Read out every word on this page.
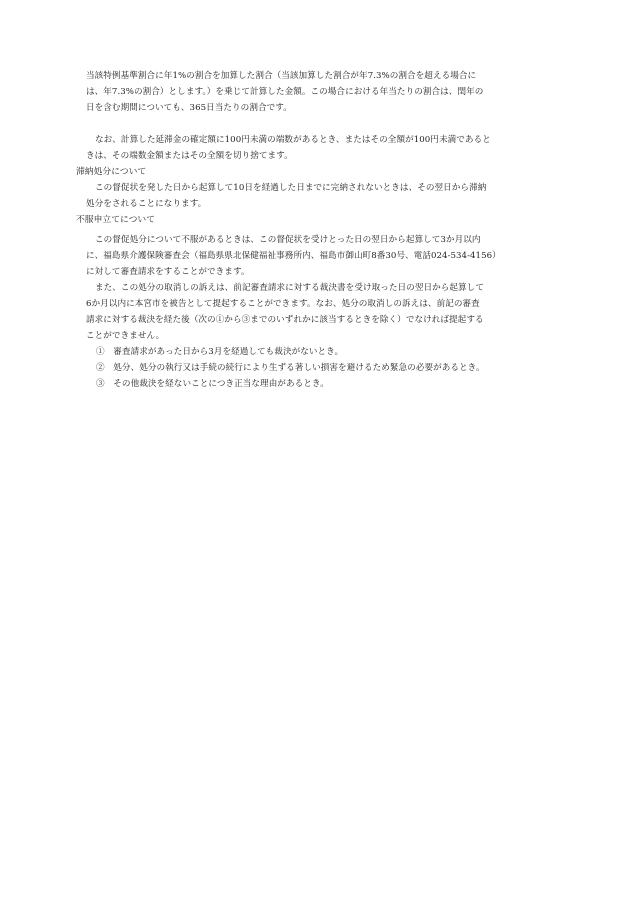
当該特例基準割合に年1%の割合を加算した割合（当該加算した割合が年7.3%の割合を超える場合に
は、年7.3%の割合）とします。）を乗じて計算した金額。この場合における年当たりの割合は、閏年の
日を含む期間についても、365日当たりの割合です。
なお、計算した延滞金の確定額に100円未満の端数があるとき、またはその全額が100円未満であると
きは、その端数金額またはその全額を切り捨てます。
滞納処分について
この督促状を発した日から起算して10日を経過した日までに完納されないときは、その翌日から滞納
処分をされることになります。
不服申立てについて
この督促処分について不服があるときは、この督促状を受けとった日の翌日から起算して3か月以内
に、福島県介護保険審査会（福島県県北保健福祉事務所内、福島市御山町8番30号、電話024-534-4156）
に対して審査請求をすることができます。
また、この処分の取消しの訴えは、前記審査請求に対する裁決書を受け取った日の翌日から起算して
6か月以内に本宮市を被告として提起することができます。なお、処分の取消しの訴えは、前記の審査
請求に対する裁決を経た後（次の①から③までのいずれかに該当するときを除く）でなければ提起する
ことができません。
①　審査請求があった日から3月を経過しても裁決がないとき。
②　処分、処分の執行又は手続の続行により生ずる著しい損害を避けるため緊急の必要があるとき。
③　その他裁決を経ないことにつき正当な理由があるとき。
